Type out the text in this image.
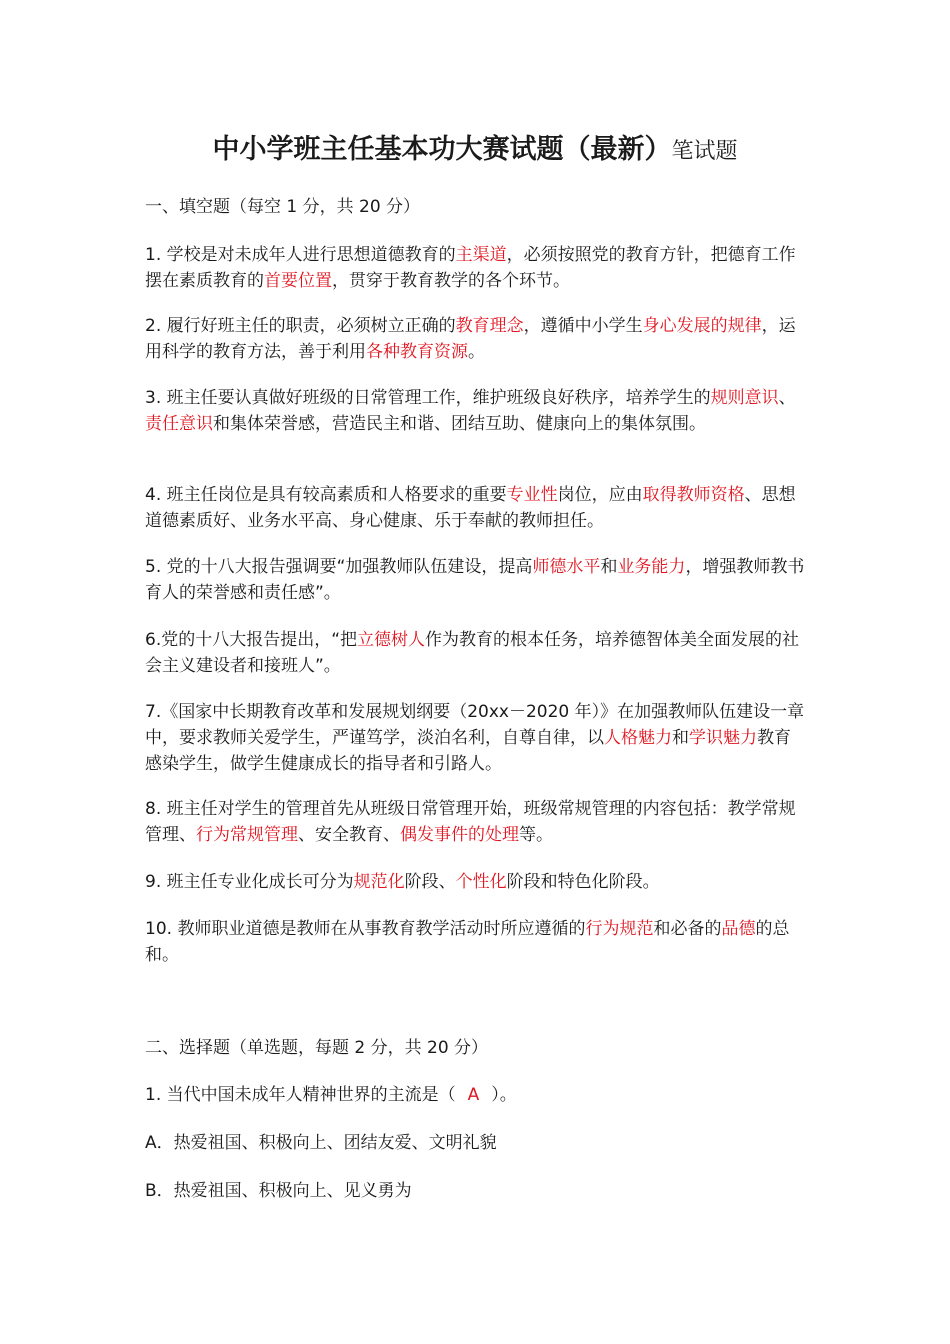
中小学班主任基本功大赛试题（最新）笔试题
一、填空题（每空 1 分，共 20 分）
1. 学校是对未成年人进行思想道德教育的主渠道，必须按照党的教育方针，把德育工作摆在素质教育的首要位置，贯穿于教育教学的各个环节。
2. 履行好班主任的职责，必须树立正确的教育理念，遵循中小学生身心发展的规律，运用科学的教育方法，善于利用各种教育资源。
3. 班主任要认真做好班级的日常管理工作，维护班级良好秩序，培养学生的规则意识、责任意识和集体荣誉感，营造民主和谐、团结互助、健康向上的集体氛围。
4. 班主任岗位是具有较高素质和人格要求的重要专业性岗位，应由取得教师资格、思想道德素质好、业务水平高、身心健康、乐于奉献的教师担任。
5. 党的十八大报告强调要“加强教师队伍建设，提高师德水平和业务能力，增强教师教书育人的荣誉感和责任感”。
6.党的十八大报告提出，“把立德树人作为教育的根本任务，培养德智体美全面发展的社会主义建设者和接班人”。
7.《国家中长期教育改革和发展规划纲要（20xx－2020 年）》在加强教师队伍建设一章中，要求教师关爱学生，严谨笃学，淡泊名利，自尊自律，以人格魅力和学识魅力教育感染学生，做学生健康成长的指导者和引路人。
8. 班主任对学生的管理首先从班级日常管理开始，班级常规管理的内容包括：教学常规管理、行为常规管理、安全教育、偶发事件的处理等。
9. 班主任专业化成长可分为规范化阶段、个性化阶段和特色化阶段。
10. 教师职业道德是教师在从事教育教学活动时所应遵循的行为规范和必备的品德的总和。
二、选择题（单选题，每题 2 分，共 20 分）
1. 当代中国未成年人精神世界的主流是（ A ）。
A．热爱祖国、积极向上、团结友爱、文明礼貌
B．热爱祖国、积极向上、见义勇为
